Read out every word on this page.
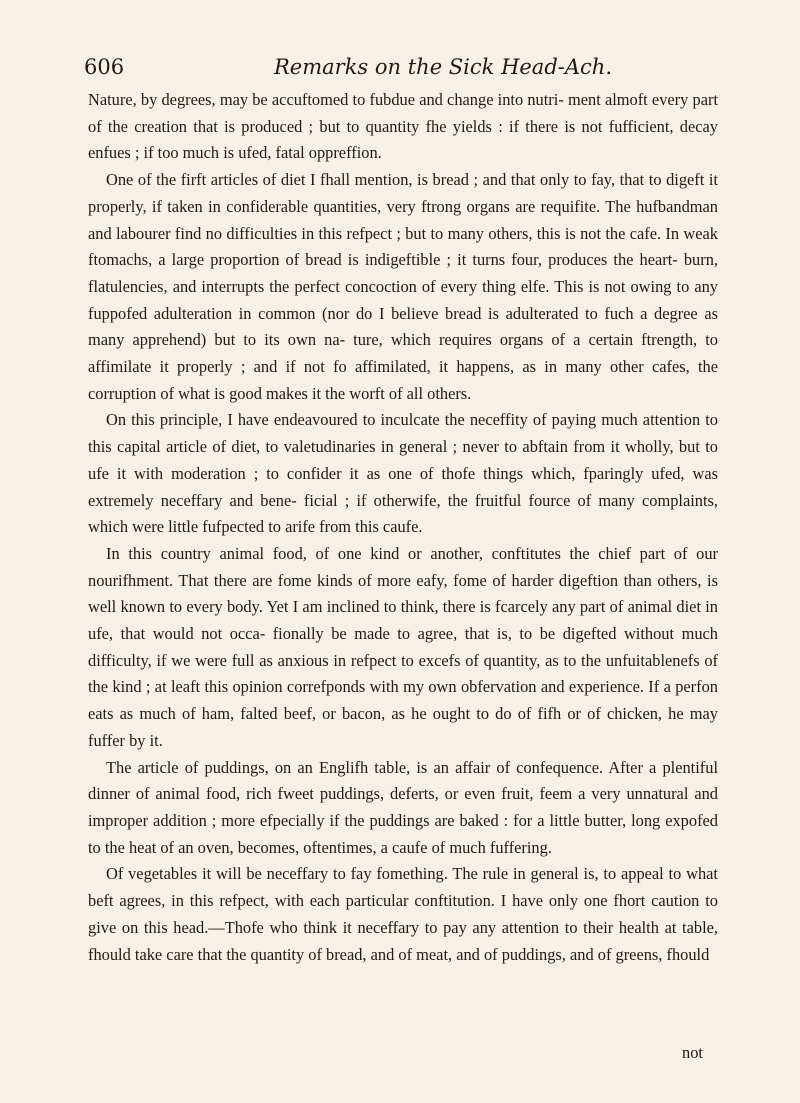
606	Remarks on the Sick Head-Ach.

Nature, by degrees, may be accuftomed to fubdue and change into nutri- ment almoft every part of the creation that is produced ; but to quantity fhe yields : if there is not fufficient, decay enfues ; if too much is ufed, fatal oppreffion.

One of the firft articles of diet I fhall mention, is bread ; and that only to fay, that to digeft it properly, if taken in confiderable quantities, very ftrong organs are requifite. The hufbandman and labourer find no difficulties in this refpect ; but to many others, this is not the cafe. In weak ftomachs, a large proportion of bread is indigeftible ; it turns four, produces the heart- burn, flatulencies, and interrupts the perfect concoction of every thing elfe. This is not owing to any fuppofed adulteration in common (nor do I believe bread is adulterated to fuch a degree as many apprehend) but to its own na- ture, which requires organs of a certain ftrength, to affimilate it properly ; and if not fo affimilated, it happens, as in many other cafes, the corruption of what is good makes it the worft of all others.

On this principle, I have endeavoured to inculcate the neceffity of paying much attention to this capital article of diet, to valetudinaries in general ; never to abftain from it wholly, but to ufe it with moderation ; to confider it as one of thofe things which, fparingly ufed, was extremely neceffary and bene- ficial ; if otherwife, the fruitful fource of many complaints, which were little fufpected to arife from this caufe.

In this country animal food, of one kind or another, conftitutes the chief part of our nourifhment. That there are fome kinds of more eafy, fome of harder digeftion than others, is well known to every body. Yet I am inclined to think, there is fcarcely any part of animal diet in ufe, that would not occa- fionally be made to agree, that is, to be digefted without much difficulty, if we were full as anxious in refpect to excefs of quantity, as to the unfuitablenefs of the kind ; at leaft this opinion correfponds with my own obfervation and experience. If a perfon eats as much of ham, falted beef, or bacon, as he ought to do of fifh or of chicken, he may fuffer by it.

The article of puddings, on an Englifh table, is an affair of confequence. After a plentiful dinner of animal food, rich fweet puddings, deferts, or even fruit, feem a very unnatural and improper addition ; more efpecially if the puddings are baked : for a little butter, long expofed to the heat of an oven, becomes, oftentimes, a caufe of much fuffering.

Of vegetables it will be neceffary to fay fomething. The rule in general is, to appeal to what beft agrees, in this refpect, with each particular conftitution. I have only one fhort caution to give on this head.—Thofe who think it neceffary to pay any attention to their health at table, fhould take care that the quantity of bread, and of meat, and of puddings, and of greens, fhould

not
